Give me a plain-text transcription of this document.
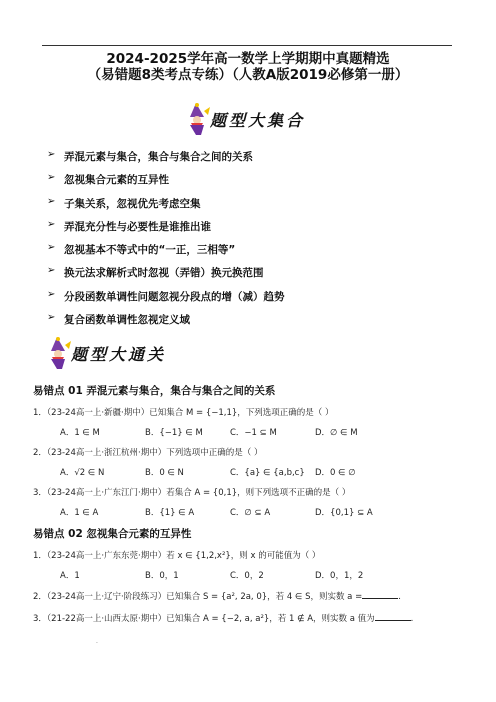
2024-2025学年高一数学上学期期中真题精选
（易错题8类考点专练）（人教A版2019必修第一册）
题型大集合
➢ 弄混元素与集合，集合与集合之间的关系
➢ 忽视集合元素的互异性
➢ 子集关系，忽视优先考虑空集
➢ 弄混充分性与必要性是谁推出谁
➢ 忽视基本不等式中的“一正，三相等”
➢ 换元法求解析式时忽视（弄错）换元换范围
➢ 分段函数单调性问题忽视分段点的增（减）趋势
➢ 复合函数单调性忽视定义域
题型大通关
易错点 01 弄混元素与集合，集合与集合之间的关系
1．（23-24高一上·新疆·期中）已知集合 M = {−1,1}，下列选项正确的是（ ）
A．1 ∈ M	B．{−1} ∈ M	C．−1 ⊆ M	D．∅ ∈ M
2．（23-24高一上·浙江杭州·期中）下列选项中正确的是（ ）
A．√2 ∈ N	B．0 ∈ N	C．{a} ∈ {a,b,c} D．0 ∈ ∅
3．（23-24高一上·广东江门·期中）若集合 A = {0,1}，则下列选项不正确的是（ ）
A．1 ∈ A	B．{1} ∈ A	C．∅ ⊆ A	D．{0,1} ⊆ A
易错点 02 忽视集合元素的互异性
1．（23-24高一上·广东东莞·期中）若 x ∈ {1,2,x²}，则 x 的可能值为（ ）
A．1	B．0，1	C．0，2	D．0，1，2
2．（23-24高一上·辽宁·阶段练习）已知集合 S = {a², 2a, 0}，若 4 ∈ S，则实数 a =	.
3．（21-22高一上·山西太原·期中）已知集合 A = {−2, a, a²}，若 1 ∉ A，则实数 a 值为	.
·
